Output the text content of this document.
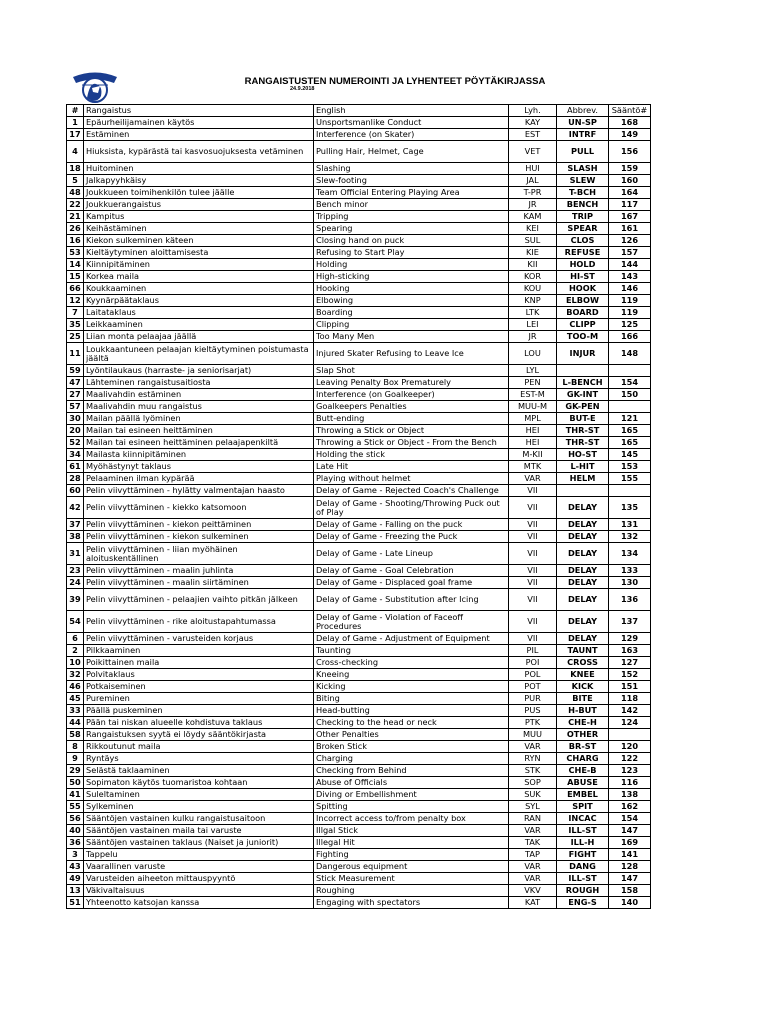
RANGAISTUSTEN NUMEROINTI JA LYHENTEET PÖYTÄKIRJASSA
24.9.2018
#	Rangaistus	English	Lyh.	Abbrev.	Sääntö#
1	Epäurheilijamainen käytös	Unsportsmanlike Conduct	KAY	UN-SP	168
17	Estäminen	Interference (on Skater)	EST	INTRF	149
4	Hiuksista, kypärästä tai kasvosuojuksesta vetäminen	Pulling Hair, Helmet, Cage	VET	PULL	156
18	Huitominen	Slashing	HUI	SLASH	159
5	Jalkapyyhkäisy	Slew-footing	JAL	SLEW	160
48	Joukkueen toimihenkilön tulee jäälle	Team Official Entering Playing Area	T-PR	T-BCH	164
22	Joukkuerangaistus	Bench minor	JR	BENCH	117
21	Kampitus	Tripping	KAM	TRIP	167
26	Keihästäminen	Spearing	KEI	SPEAR	161
16	Kiekon sulkeminen käteen	Closing hand on puck	SUL	CLOS	126
53	Kieltäytyminen aloittamisesta	Refusing to Start Play	KIE	REFUSE	157
14	Kiinnipitäminen	Holding	KII	HOLD	144
15	Korkea maila	High-sticking	KOR	HI-ST	143
66	Koukkaaminen	Hooking	KOU	HOOK	146
12	Kyynärpäätaklaus	Elbowing	KNP	ELBOW	119
7	Laitataklaus	Boarding	LTK	BOARD	119
35	Leikkaaminen	Clipping	LEI	CLIPP	125
25	Liian monta pelaajaa jäällä	Too Many Men	JR	TOO-M	166
11	Loukkaantuneen pelaajan kieltäytyminen poistumasta jäältä	Injured Skater Refusing to Leave Ice	LOU	INJUR	148
59	Lyöntilaukaus (harraste- ja seniorisarjat)	Slap Shot	LYL		
47	Lähteminen rangaistusaitiosta	Leaving Penalty Box Prematurely	PEN	L-BENCH	154
27	Maalivahdin estäminen	Interference (on Goalkeeper)	EST-M	GK-INT	150
57	Maalivahdin muu rangaistus	Goalkeepers Penalties	MUU-M	GK-PEN	
30	Mailan päällä lyöminen	Butt-ending	MPL	BUT-E	121
20	Mailan tai esineen heittäminen	Throwing a Stick or Object	HEI	THR-ST	165
52	Mailan tai esineen heittäminen pelaajapenkiltä	Throwing a Stick or Object - From the Bench	HEI	THR-ST	165
34	Mailasta kiinnipitäminen	Holding the stick	M-KII	HO-ST	145
61	Myöhästynyt taklaus	Late Hit	MTK	L-HIT	153
28	Pelaaminen ilman kypärää	Playing without helmet	VAR	HELM	155
60	Pelin viivyttäminen - hylätty valmentajan haasto	Delay of Game - Rejected Coach's Challenge	VII		
42	Pelin viivyttäminen - kiekko katsomoon	Delay of Game - Shooting/Throwing Puck out of Play	VII	DELAY	135
37	Pelin viivyttäminen - kiekon peittäminen	Delay of Game - Falling on the puck	VII	DELAY	131
38	Pelin viivyttäminen - kiekon sulkeminen	Delay of Game - Freezing the Puck	VII	DELAY	132
31	Pelin viivyttäminen - liian myöhäinen aloituskentällinen	Delay of Game - Late Lineup	VII	DELAY	134
23	Pelin viivyttäminen - maalin juhlinta	Delay of Game - Goal Celebration	VII	DELAY	133
24	Pelin viivyttäminen - maalin siirtäminen	Delay of Game - Displaced goal frame	VII	DELAY	130
39	Pelin viivyttäminen - pelaajien vaihto pitkän jälkeen	Delay of Game - Substitution after Icing	VII	DELAY	136
54	Pelin viivyttäminen - rike aloitustapahtumassa	Delay of Game - Violation of Faceoff Procedures	VII	DELAY	137
6	Pelin viivyttäminen - varusteiden korjaus	Delay of Game - Adjustment of Equipment	VII	DELAY	129
2	Pilkkaaminen	Taunting	PIL	TAUNT	163
10	Poikittainen maila	Cross-checking	POI	CROSS	127
32	Polvitaklaus	Kneeing	POL	KNEE	152
46	Potkaiseminen	Kicking	POT	KICK	151
45	Pureminen	Biting	PUR	BITE	118
33	Päällä puskeminen	Head-butting	PUS	H-BUT	142
44	Pään tai niskan alueelle kohdistuva taklaus	Checking to the head or neck	PTK	CHE-H	124
58	Rangaistuksen syytä ei löydy sääntökirjasta	Other Penalties	MUU	OTHER	
8	Rikkoutunut maila	Broken Stick	VAR	BR-ST	120
9	Ryntäys	Charging	RYN	CHARG	122
29	Selästä taklaaminen	Checking from Behind	STK	CHE-B	123
50	Sopimaton käytös tuomaristoa kohtaan	Abuse of Officials	SOP	ABUSE	116
41	Suleltaminen	Diving or Embellishment	SUK	EMBEL	138
55	Sylkeminen	Spitting	SYL	SPIT	162
56	Sääntöjen vastainen kulku rangaistusaitoon	Incorrect access to/from penalty box	RAN	INCAC	154
40	Sääntöjen vastainen maila tai varuste	Illgal Stick	VAR	ILL-ST	147
36	Sääntöjen vastainen taklaus (Naiset ja juniorit)	Illegal Hit	TAK	ILL-H	169
3	Tappelu	Fighting	TAP	FIGHT	141
43	Vaarallinen varuste	Dangerous equipment	VAR	DANG	128
49	Varusteiden aiheeton mittauspyyntö	Stick Measurement	VAR	ILL-ST	147
13	Väkivaltaisuus	Roughing	VKV	ROUGH	158
51	Yhteenotto katsojan kanssa	Engaging with spectators	KAT	ENG-S	140
